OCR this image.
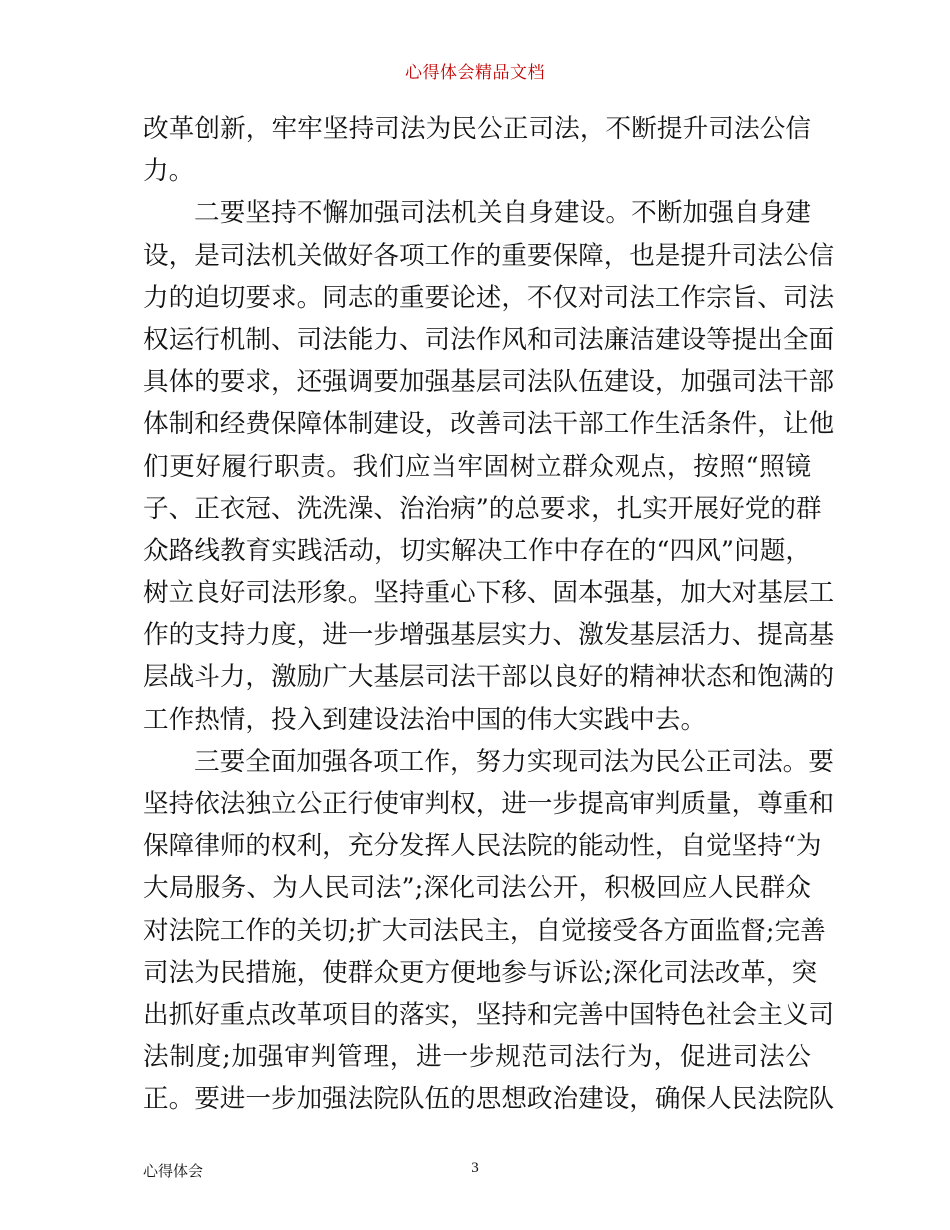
心得体会精品文档
改革创新，牢牢坚持司法为民公正司法，不断提升司法公信
力。
二要坚持不懈加强司法机关自身建设。不断加强自身建
设，是司法机关做好各项工作的重要保障，也是提升司法公信
力的迫切要求。同志的重要论述，不仅对司法工作宗旨、司法
权运行机制、司法能力、司法作风和司法廉洁建设等提出全面
具体的要求，还强调要加强基层司法队伍建设，加强司法干部
体制和经费保障体制建设，改善司法干部工作生活条件，让他
们更好履行职责。我们应当牢固树立群众观点，按照“照镜
子、正衣冠、洗洗澡、治治病”的总要求，扎实开展好党的群
众路线教育实践活动，切实解决工作中存在的“四风”问题，
树立良好司法形象。坚持重心下移、固本强基，加大对基层工
作的支持力度，进一步增强基层实力、激发基层活力、提高基
层战斗力，激励广大基层司法干部以良好的精神状态和饱满的
工作热情，投入到建设法治中国的伟大实践中去。
三要全面加强各项工作，努力实现司法为民公正司法。要
坚持依法独立公正行使审判权，进一步提高审判质量，尊重和
保障律师的权利，充分发挥人民法院的能动性，自觉坚持“为
大局服务、为人民司法”;深化司法公开，积极回应人民群众
对法院工作的关切;扩大司法民主，自觉接受各方面监督;完善
司法为民措施，使群众更方便地参与诉讼;深化司法改革，突
出抓好重点改革项目的落实，坚持和完善中国特色社会主义司
法制度;加强审判管理，进一步规范司法行为，促进司法公
正。要进一步加强法院队伍的思想政治建设，确保人民法院队
心得体会	3
